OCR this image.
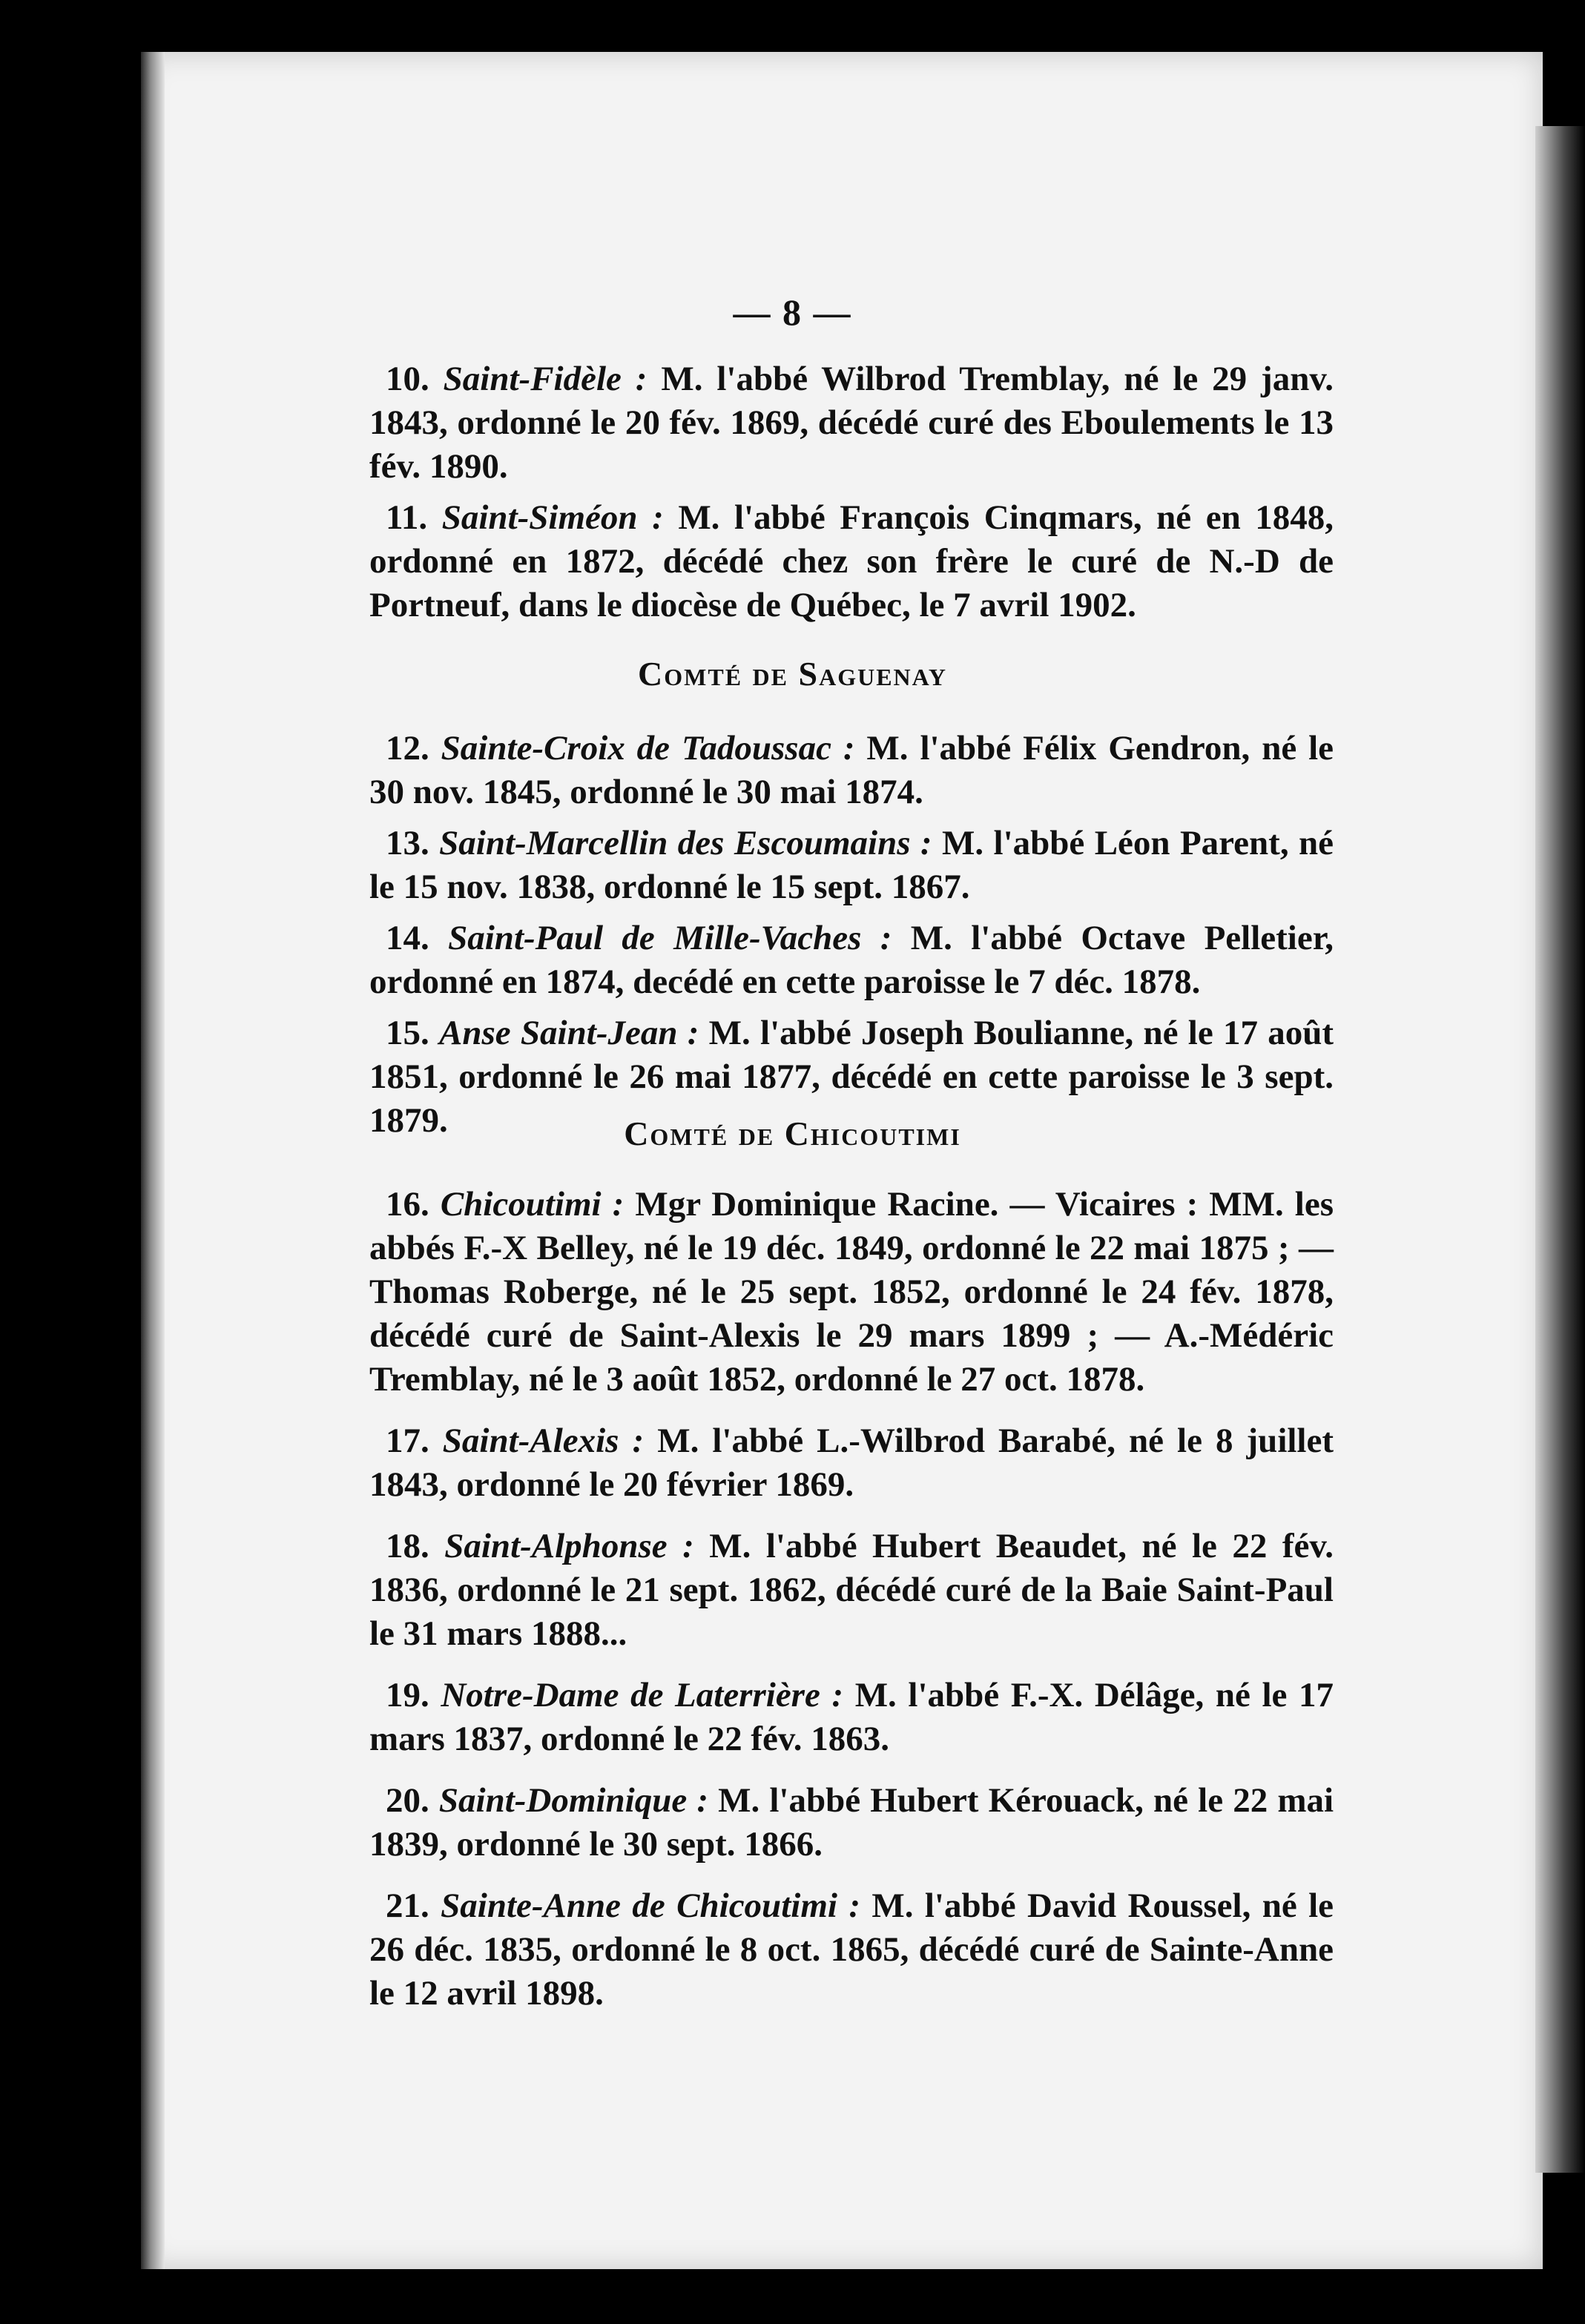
— 8 —

10. Saint-Fidèle : M. l'abbé Wilbrod Tremblay, né le 29 janv. 1843, ordonné le 20 fév. 1869, décédé curé des Eboulements le 13 fév. 1890.

11. Saint-Siméon : M. l'abbé François Cinqmars, né en 1848, ordonné en 1872, décédé chez son frère le curé de N.-D de Portneuf, dans le diocèse de Québec, le 7 avril 1902.

Comté de Saguenay

12. Sainte-Croix de Tadoussac : M. l'abbé Félix Gendron, né le 30 nov. 1845, ordonné le 30 mai 1874.

13. Saint-Marcellin des Escoumains : M. l'abbé Léon Parent, né le 15 nov. 1838, ordonné le 15 sept. 1867.

14. Saint-Paul de Mille-Vaches : M. l'abbé Octave Pelletier, ordonné en 1874, decédé en cette paroisse le 7 déc. 1878.

15. Anse Saint-Jean : M. l'abbé Joseph Boulianne, né le 17 août 1851, ordonné le 26 mai 1877, décédé en cette paroisse le 3 sept. 1879.	Comté de Chicoutimi

16. Chicoutimi : Mgr Dominique Racine. — Vicaires : MM. les abbés F.-X Belley, né le 19 déc. 1849, ordonné le 22 mai 1875 ; — Thomas Roberge, né le 25 sept. 1852, ordonné le 24 fév. 1878, décédé curé de Saint-Alexis le 29 mars 1899 ; — A.-Médéric Tremblay, né le 3 août 1852, ordonné le 27 oct. 1878.

17. Saint-Alexis : M. l'abbé L.-Wilbrod Barabé, né le 8 juillet 1843, ordonné le 20 février 1869.

18. Saint-Alphonse : M. l'abbé Hubert Beaudet, né le 22 fév. 1836, ordonné le 21 sept. 1862, décédé curé de la Baie Saint-Paul le 31 mars 1888...

19. Notre-Dame de Laterrière : M. l'abbé F.-X. Délâge, né le 17 mars 1837, ordonné le 22 fév. 1863.

20. Saint-Dominique : M. l'abbé Hubert Kérouack, né le 22 mai 1839, ordonné le 30 sept. 1866.

21. Sainte-Anne de Chicoutimi : M. l'abbé David Roussel, né le 26 déc. 1835, ordonné le 8 oct. 1865, décédé curé de Sainte-Anne le 12 avril 1898.
